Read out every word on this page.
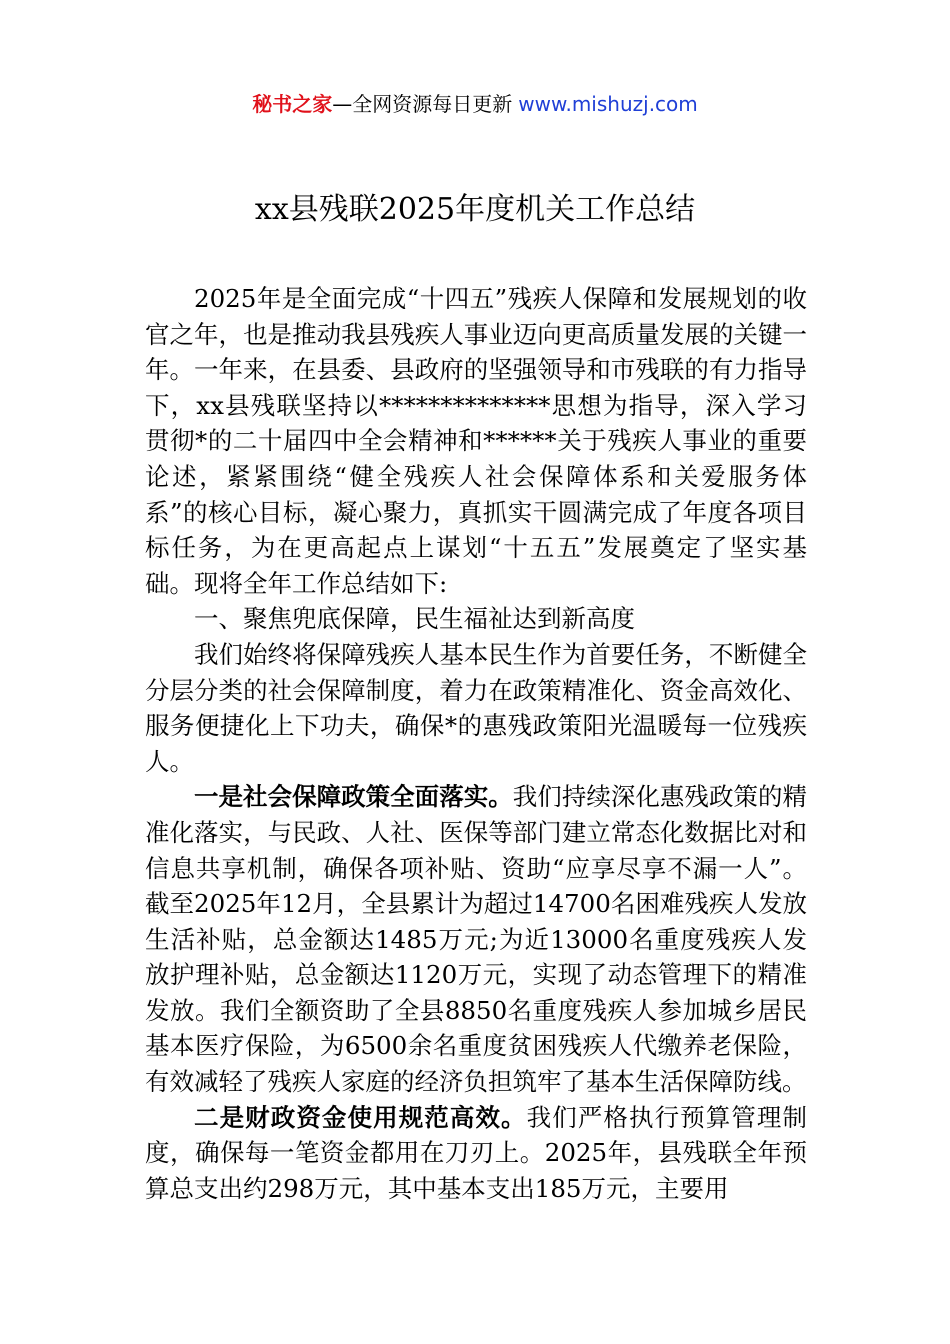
秘书之家—全网资源每日更新 www.mishuzj.com
xx县残联2025年度机关工作总结

2025年是全面完成“十四五”残疾人保障和发展规划的收官之年，也是推动我县残疾人事业迈向更高质量发展的关键一年。一年来，在县委、县政府的坚强领导和市残联的有力指导下，xx县残联坚持以**************思想为指导，深入学习贯彻*的二十届四中全会精神和******关于残疾人事业的重要论述，紧紧围绕“健全残疾人社会保障体系和关爱服务体系”的核心目标，凝心聚力，真抓实干圆满完成了年度各项目标任务，为在更高起点上谋划“十五五”发展奠定了坚实基础。现将全年工作总结如下:

一、聚焦兜底保障，民生福祉达到新高度

我们始终将保障残疾人基本民生作为首要任务，不断健全分层分类的社会保障制度，着力在政策精准化、资金高效化、服务便捷化上下功夫，确保*的惠残政策阳光温暖每一位残疾人。

一是社会保障政策全面落实。我们持续深化惠残政策的精准化落实，与民政、人社、医保等部门建立常态化数据比对和信息共享机制，确保各项补贴、资助“应享尽享不漏一人”。截至2025年12月，全县累计为超过14700名困难残疾人发放生活补贴，总金额达1485万元;为近13000名重度残疾人发放护理补贴，总金额达1120万元，实现了动态管理下的精准发放。我们全额资助了全县8850名重度残疾人参加城乡居民基本医疗保险，为6500余名重度贫困残疾人代缴养老保险，有效减轻了残疾人家庭的经济负担筑牢了基本生活保障防线。

二是财政资金使用规范高效。我们严格执行预算管理制度，确保每一笔资金都用在刀刃上。2025年，县残联全年预算总支出约298万元，其中基本支出185万元，主要用
